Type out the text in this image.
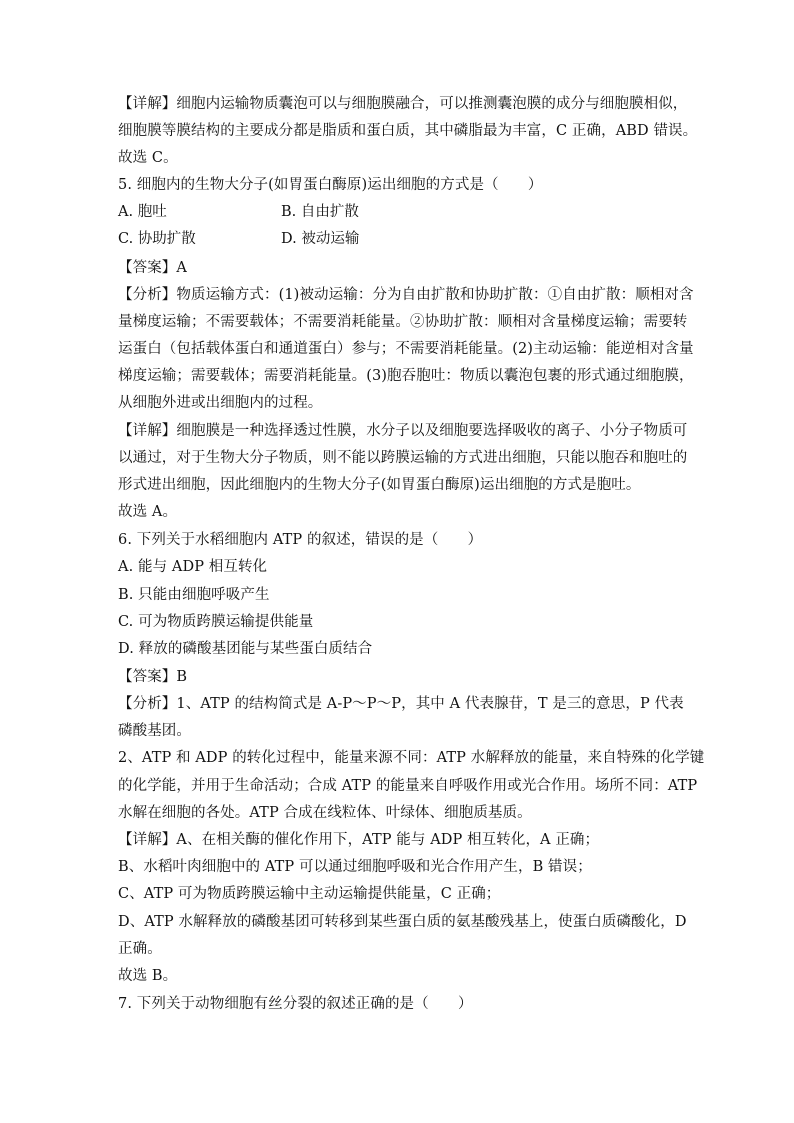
【详解】细胞内运输物质囊泡可以与细胞膜融合，可以推测囊泡膜的成分与细胞膜相似，
细胞膜等膜结构的主要成分都是脂质和蛋白质，其中磷脂最为丰富，C 正确，ABD 错误。
故选 C。
5. 细胞内的生物大分子(如胃蛋白酶原)运出细胞的方式是（　　）
A. 胞吐	B. 自由扩散
C. 协助扩散	D. 被动运输
【答案】A
【分析】物质运输方式：(1)被动运输：分为自由扩散和协助扩散：①自由扩散：顺相对含
量梯度运输；不需要载体；不需要消耗能量。②协助扩散：顺相对含量梯度运输；需要转
运蛋白（包括载体蛋白和通道蛋白）参与；不需要消耗能量。(2)主动运输：能逆相对含量
梯度运输；需要载体；需要消耗能量。(3)胞吞胞吐：物质以囊泡包裹的形式通过细胞膜，
从细胞外进或出细胞内的过程。
【详解】细胞膜是一种选择透过性膜，水分子以及细胞要选择吸收的离子、小分子物质可
以通过，对于生物大分子物质，则不能以跨膜运输的方式进出细胞，只能以胞吞和胞吐的
形式进出细胞，因此细胞内的生物大分子(如胃蛋白酶原)运出细胞的方式是胞吐。
故选 A。
6. 下列关于水稻细胞内 ATP 的叙述，错误的是（　　）
A. 能与 ADP 相互转化
B. 只能由细胞呼吸产生
C. 可为物质跨膜运输提供能量
D. 释放的磷酸基团能与某些蛋白质结合
【答案】B
【分析】1、ATP 的结构简式是 A-P～P～P，其中 A 代表腺苷，T 是三的意思，P 代表
磷酸基团。
2、ATP 和 ADP 的转化过程中，能量来源不同：ATP 水解释放的能量，来自特殊的化学键
的化学能，并用于生命活动；合成 ATP 的能量来自呼吸作用或光合作用。场所不同：ATP
水解在细胞的各处。ATP 合成在线粒体、叶绿体、细胞质基质。
【详解】A、在相关酶的催化作用下，ATP 能与 ADP 相互转化，A 正确；
B、水稻叶肉细胞中的 ATP 可以通过细胞呼吸和光合作用产生，B 错误；
C、ATP 可为物质跨膜运输中主动运输提供能量，C 正确；
D、ATP 水解释放的磷酸基团可转移到某些蛋白质的氨基酸残基上，使蛋白质磷酸化，D
正确。
故选 B。
7. 下列关于动物细胞有丝分裂的叙述正确的是（　　）
